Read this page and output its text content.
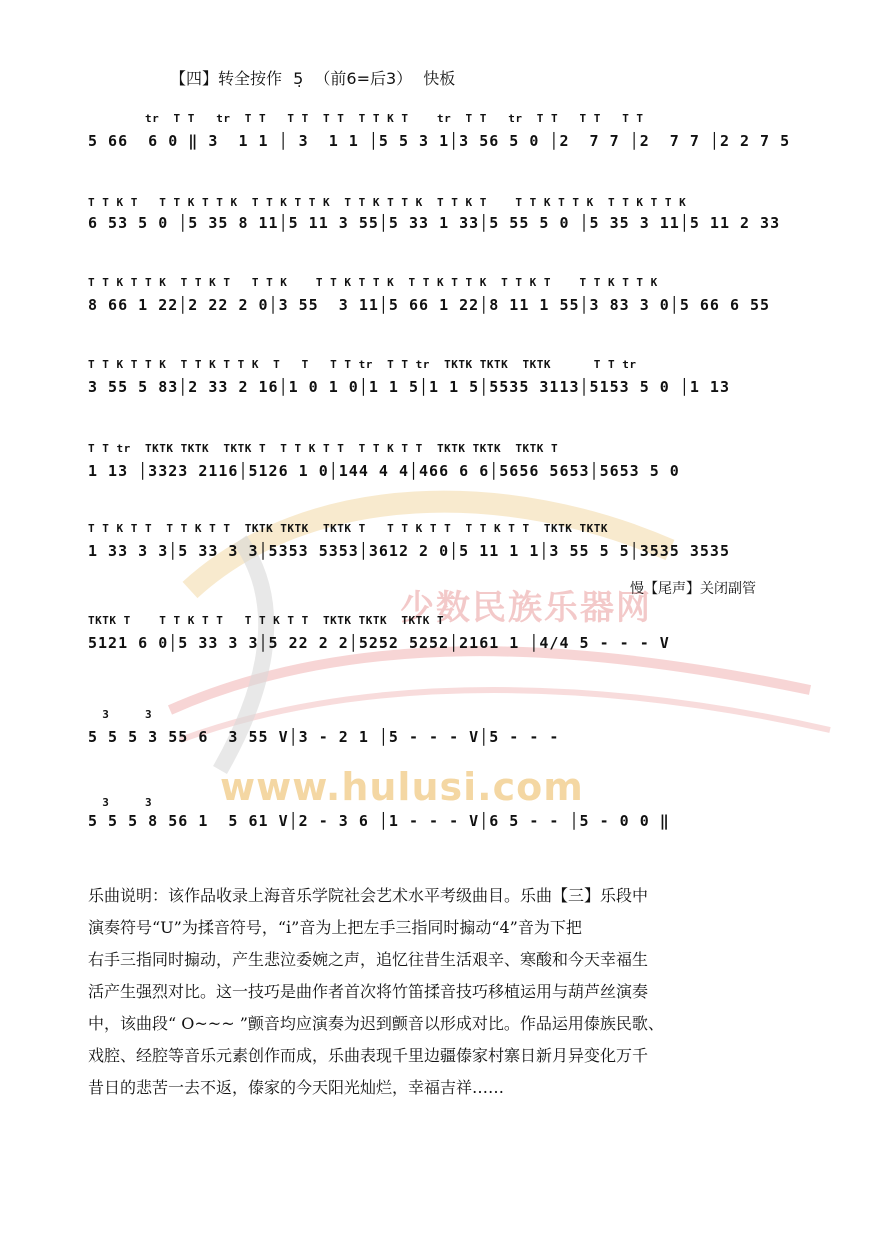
少数民族乐器网
www.hulusi.com
【四】转全按作 5̣ （前6=后3） 快板
tr  T T   tr  T T   T T  T T  T T K T    tr  T T   tr  T T   T T   T T
5 66  6 0 ‖ 3  1 1 │ 3  1 1 │5 5 3 1│3 56 5 0 │2  7 7 │2  7 7 │2 2 7 5
T T K T   T T K T T K  T T K T T K  T T K T T K  T T K T    T T K T T K  T T K T T K
6 53 5 0 │5 35 8 11│5 11 3 55│5 33 1 33│5 55 5 0 │5 35 3 11│5 11 2 33
T T K T T K  T T K T   T T K    T T K T T K  T T K T T K  T T K T    T T K T T K
8 66 1 22│2 22 2 0│3 55  3 11│5 66 1 22│8 11 1 55│3 83 3 0│5 66 6 55
T T K T T K  T T K T T K  T   T   T T tr  T T tr  TKTK TKTK  TKTK      T T tr
3 55 5 83│2 33 2 16│1 0 1 0│1 1 5│1 1 5│5535 3113│5153 5 0 │1 13
T T tr  TKTK TKTK  TKTK T  T T K T T  T T K T T  TKTK TKTK  TKTK T
1 13 │3323 2116│5126 1 0│144 4 4│466 6 6│5656 5653│5653 5 0
T T K T T  T T K T T  TKTK TKTK  TKTK T   T T K T T  T T K T T  TKTK TKTK
1 33 3 3│5 33 3 3│5353 5353│3612 2 0│5 11 1 1│3 55 5 5│3535 3535
TKTK T    T T K T T   T T K T T  TKTK TKTK  TKTK T
5121 6 0│5 33 3 3│5 22 2 2│5252 5252│2161 1 │4/4 5 - - - V
3     3
5 5 5 3 55 6  3 55 V│3 - 2 1 │5 - - - V│5 - - -
3     3
5 5 5 8 56 1  5 61 V│2 - 3 6 │1 - - - V│6 5 - - │5 - 0 0 ‖
慢【尾声】关闭副管

乐曲说明：该作品收录上海音乐学院社会艺术水平考级曲目。乐曲【三】乐段中

演奏符号“U”为揉音符号，“i̇”音为上把左手三指同时搧动“4”音为下把

右手三指同时搧动，产生悲泣委婉之声，追忆往昔生活艰辛、寒酸和今天幸福生

活产生强烈对比。这一技巧是曲作者首次将竹笛揉音技巧移植运用与葫芦丝演奏

中，该曲段“ O~~~ ”颤音均应演奏为迟到颤音以形成对比。作品运用傣族民歌、

戏腔、经腔等音乐元素创作而成，乐曲表现千里边疆傣家村寨日新月异变化万千

昔日的悲苦一去不返，傣家的今天阳光灿烂，幸福吉祥……
